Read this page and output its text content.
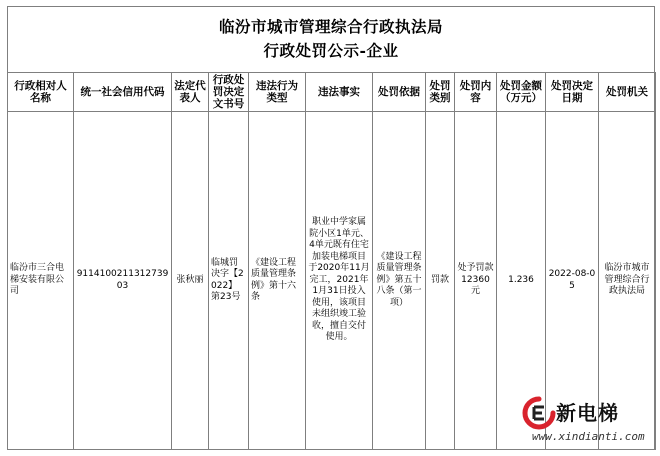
临汾市城市管理综合行政执法局
行政处罚公示-企业
行政相对人名称	统一社会信用代码	法定代表人	行政处罚决定文书号	违法行为类型	违法事实	处罚依据	处罚类别	处罚内容	处罚金额（万元）	处罚决定日期	处罚机关
临汾市三合电梯安装有限公司	911410021131273903	张秋丽	临城罚决字【2022】第23号	《建设工程质量管理条例》第十六条	职业中学家属院小区1单元、4单元既有住宅加装电梯项目于2020年11月完工，2021年1月31日投入使用，该项目未组织竣工验收，擅自交付使用。	《建设工程质量管理条例》第五十八条（第一项）	罚款	处予罚款12360元	1.236	2022-08-05	临汾市城市管理综合行政执法局
新电梯
www.xindianti.com
